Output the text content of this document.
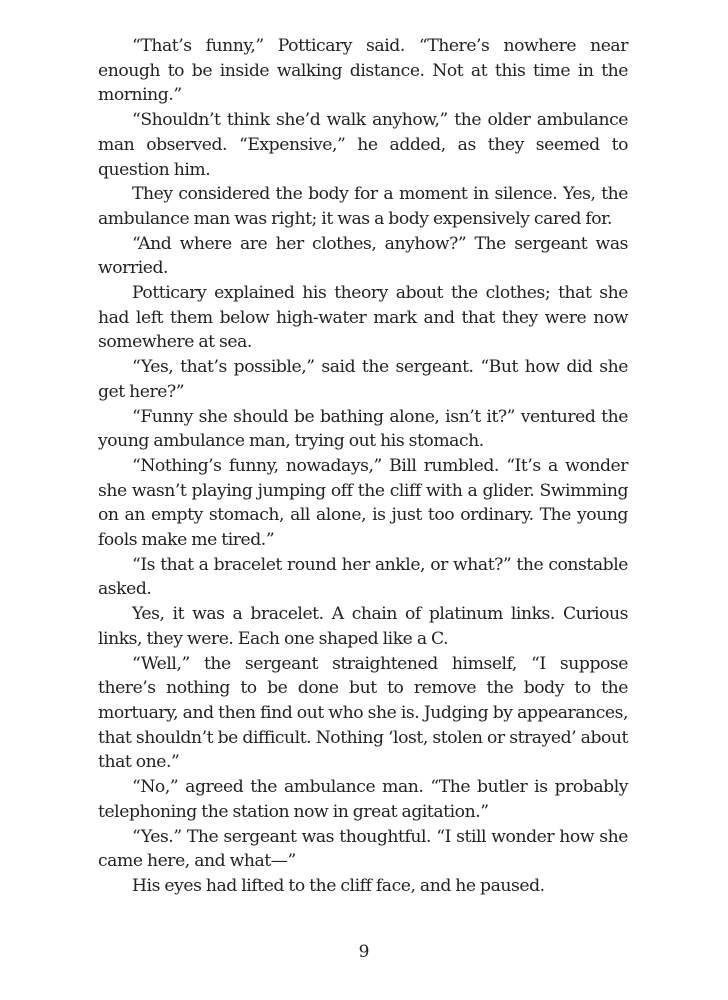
“That’s funny,” Potticary said. “There’s nowhere near enough to be inside walking distance. Not at this time in the morning.”

“Shouldn’t think she’d walk anyhow,” the older ambulance man observed. “Expensive,” he added, as they seemed to question him.

They considered the body for a moment in silence. Yes, the ambulance man was right; it was a body expensively cared for.

“And where are her clothes, anyhow?” The sergeant was worried.

Potticary explained his theory about the clothes; that she had left them below high-water mark and that they were now somewhere at sea.

“Yes, that’s possible,” said the sergeant. “But how did she get here?”

“Funny she should be bathing alone, isn’t it?” ventured the young ambulance man, trying out his stomach.

“Nothing’s funny, nowadays,” Bill rumbled. “It’s a wonder she wasn’t playing jumping off the cliff with a glider. Swimming on an empty stomach, all alone, is just too ordinary. The young fools make me tired.”

“Is that a bracelet round her ankle, or what?” the constable asked.

Yes, it was a bracelet. A chain of platinum links. Curious links, they were. Each one shaped like a C.

“Well,” the sergeant straightened himself, “I suppose there’s nothing to be done but to remove the body to the mortuary, and then find out who she is. Judging by appearances, that shouldn’t be difficult. Nothing ‘lost, stolen or strayed’ about that one.”

“No,” agreed the ambulance man. “The butler is probably telephoning the station now in great agitation.”

“Yes.” The sergeant was thoughtful. “I still wonder how she came here, and what—”

His eyes had lifted to the cliff face, and he paused.

9
